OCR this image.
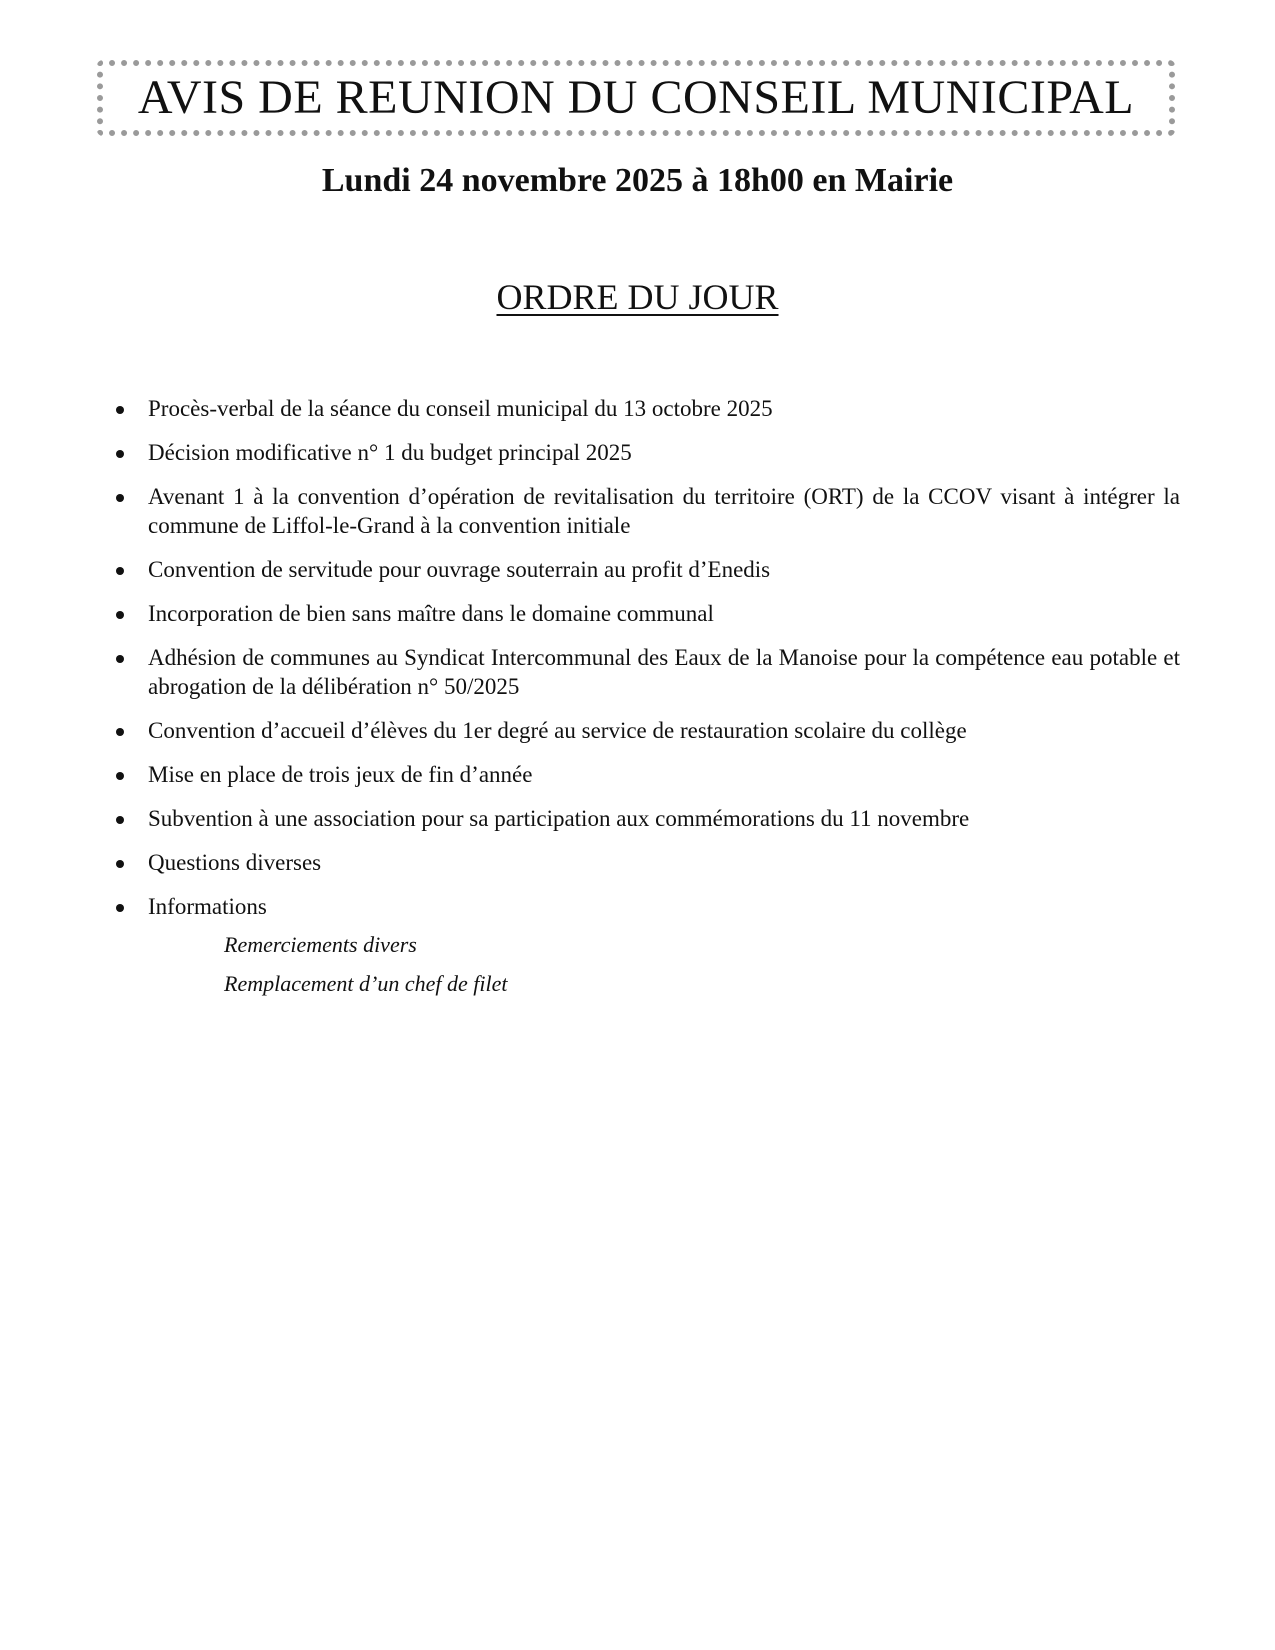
AVIS DE REUNION DU CONSEIL MUNICIPAL
Lundi 24 novembre 2025 à 18h00 en Mairie
ORDRE DU JOUR
Procès-verbal de la séance du conseil municipal du 13 octobre 2025
Décision modificative n° 1 du budget principal 2025
Avenant 1 à la convention d’opération de revitalisation du territoire (ORT) de la CCOV visant à intégrer la commune de Liffol-le-Grand à la convention initiale
Convention de servitude pour ouvrage souterrain au profit d’Enedis
Incorporation de bien sans maître dans le domaine communal
Adhésion de communes au Syndicat Intercommunal des Eaux de la Manoise pour la compétence eau potable et abrogation de la délibération n° 50/2025
Convention d’accueil d’élèves du 1er degré au service de restauration scolaire du collège
Mise en place de trois jeux de fin d’année
Subvention à une association pour sa participation aux commémorations du 11 novembre
Questions diverses
Informations

Remerciements divers

Remplacement d’un chef de filet
